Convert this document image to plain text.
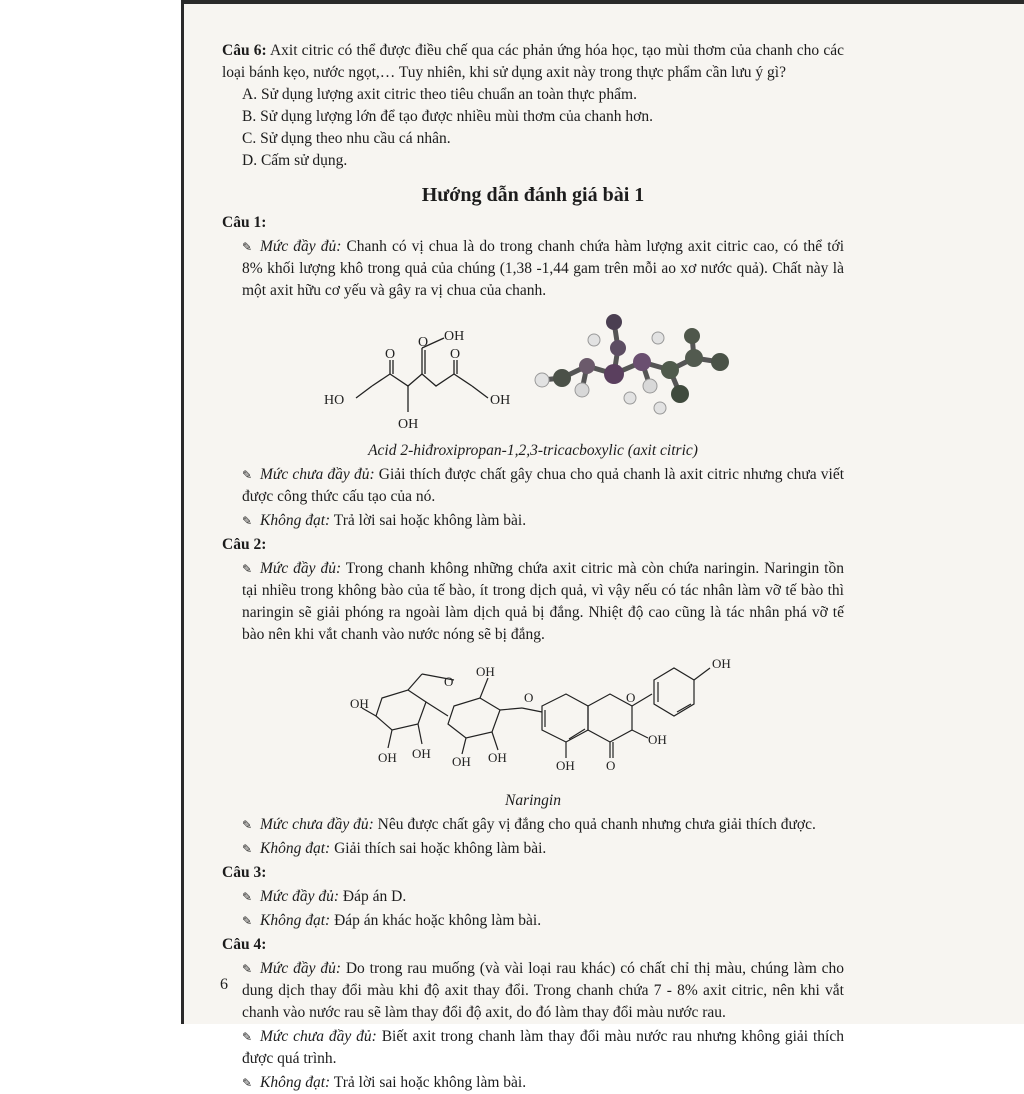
Câu 6: Axit citric có thể được điều chế qua các phản ứng hóa học, tạo mùi thơm của chanh cho các loại bánh kẹo, nước ngọt,… Tuy nhiên, khi sử dụng axit này trong thực phẩm cần lưu ý gì?

A. Sử dụng lượng axit citric theo tiêu chuẩn an toàn thực phẩm.

B. Sử dụng lượng lớn để tạo được nhiều mùi thơm của chanh hơn.

C. Sử dụng theo nhu cầu cá nhân.

D. Cấm sử dụng.

Hướng dẫn đánh giá bài 1

Câu 1:

✎ Mức đầy đủ: Chanh có vị chua là do trong chanh chứa hàm lượng axit citric cao, có thể tới 8% khối lượng khô trong quả của chúng (1,38 -1,44 gam trên mỗi ao xơ nước quả). Chất này là một axit hữu cơ yếu và gây ra vị chua của chanh.

OH
HO	OH
OH
O
O
O

Acid 2-hiđroxipropan-1,2,3-tricacboxylic (axit citric)

✎ Mức chưa đầy đủ: Giải thích được chất gây chua cho quả chanh là axit citric nhưng chưa viết được công thức cấu tạo của nó.

✎ Không đạt: Trả lời sai hoặc không làm bài.

Câu 2:

✎ Mức đầy đủ: Trong chanh không những chứa axit citric mà còn chứa naringin. Naringin tồn tại nhiều trong không bào của tế bào, ít trong dịch quả, vì vậy nếu có tác nhân làm vỡ tế bào thì naringin sẽ giải phóng ra ngoài làm dịch quả bị đắng. Nhiệt độ cao cũng là tác nhân phá vỡ tế bào nên khi vắt chanh vào nước nóng sẽ bị đắng.

OH
OH
OH OH
OH OH
OH
OH
OH O
O
O
O

Naringin

✎ Mức chưa đầy đủ: Nêu được chất gây vị đắng cho quả chanh nhưng chưa giải thích được.

✎ Không đạt: Giải thích sai hoặc không làm bài.

Câu 3:

✎ Mức đầy đủ: Đáp án D.

✎ Không đạt: Đáp án khác hoặc không làm bài.

Câu 4:

✎ Mức đầy đủ: Do trong rau muống (và vài loại rau khác) có chất chỉ thị màu, chúng làm cho dung dịch thay đổi màu khi độ axit thay đổi. Trong chanh chứa 7 - 8% axit citric, nên khi vắt chanh vào nước rau sẽ làm thay đổi độ axit, do đó làm thay đổi màu nước rau.

✎ Mức chưa đầy đủ: Biết axit trong chanh làm thay đổi màu nước rau nhưng không giải thích được quá trình.

✎ Không đạt: Trả lời sai hoặc không làm bài.

6
